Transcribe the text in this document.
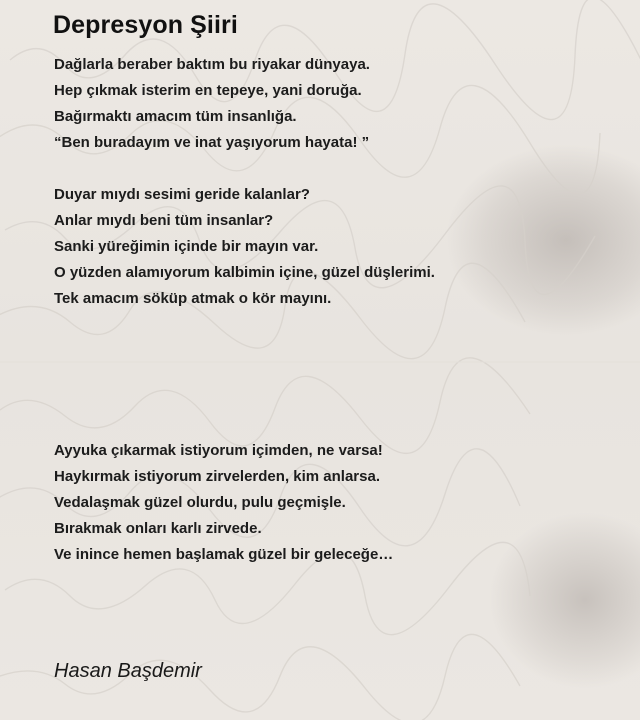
Depresyon Şiiri
Dağlarla beraber baktım bu riyakar dünyaya.
Hep çıkmak isterim en tepeye, yani doruğa.
Bağırmaktı amacım tüm insanlığa.
“Ben buradayım ve inat yaşıyorum hayata! ”
Duyar mıydı sesimi geride kalanlar?
Anlar mıydı beni tüm insanlar?
Sanki yüreğimin içinde bir mayın var.
O yüzden alamıyorum kalbimin içine, güzel düşlerimi.
Tek amacım söküp atmak o kör mayını.
Ayyuka çıkarmak istiyorum içimden, ne varsa!
Haykırmak istiyorum zirvelerden, kim anlarsa.
Vedalaşmak güzel olurdu, pulu geçmişle.
Bırakmak onları karlı zirvede.
Ve inince hemen başlamak güzel bir geleceğe…

Hasan Başdemir
